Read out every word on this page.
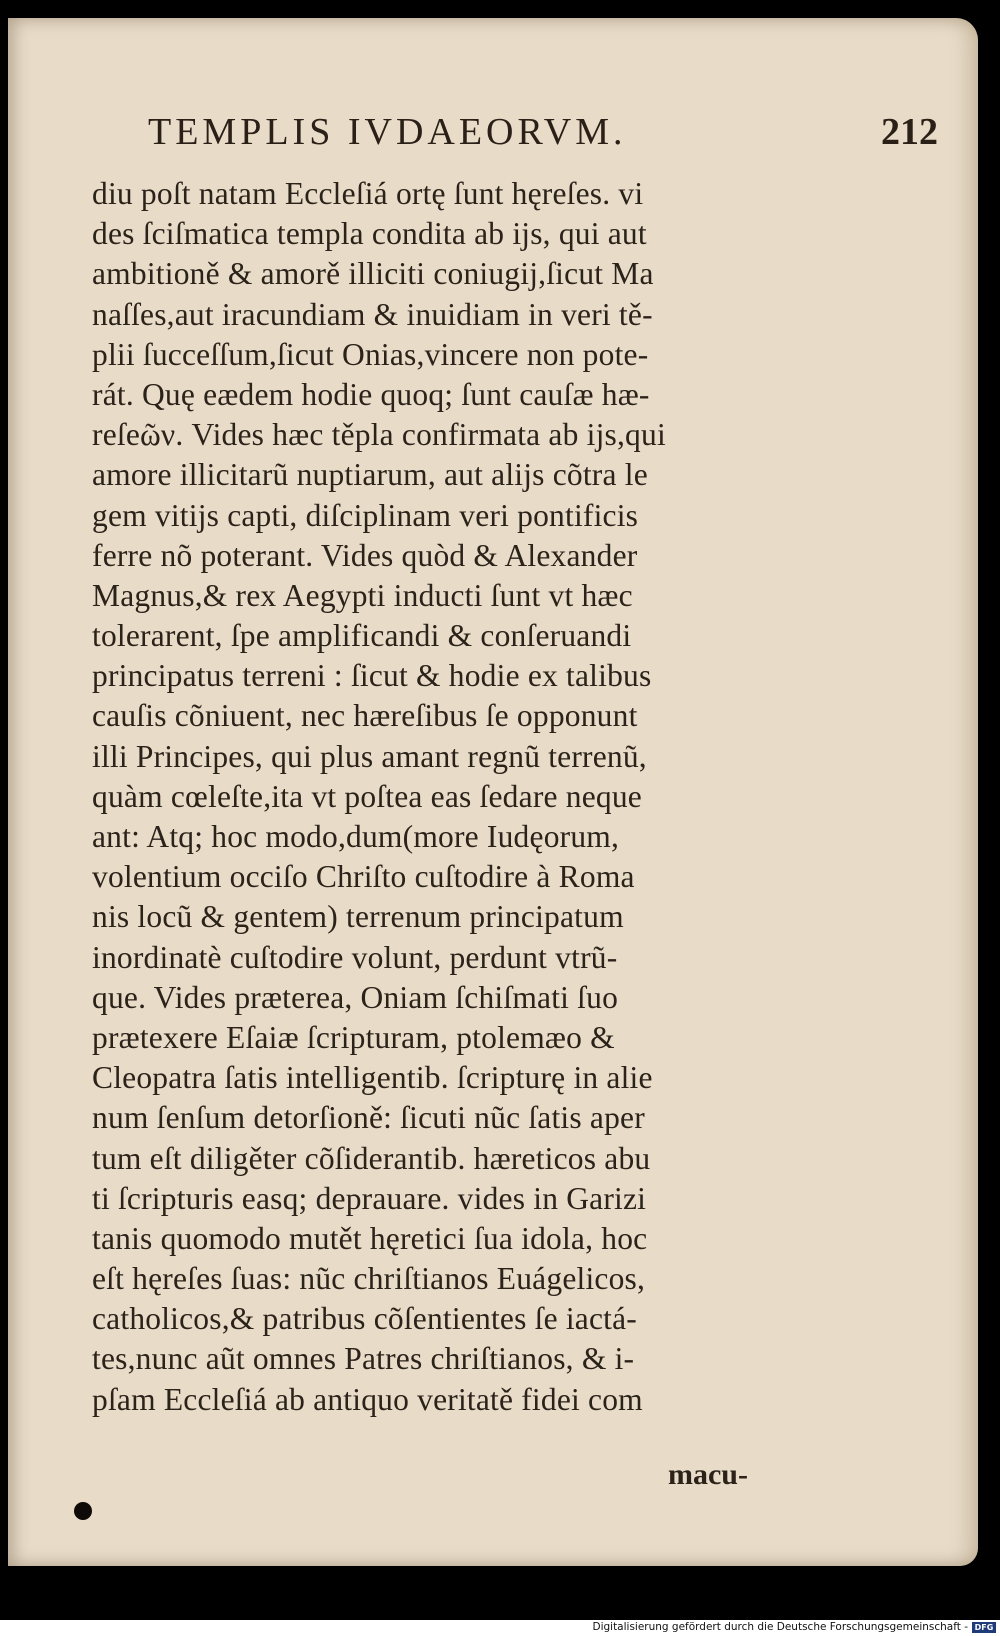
TEMPLIS IVDAEORVM.	212
diu poſt natam Eccleſiá ortę ſunt hęreſes. vi
des ſciſmatica templa condita ab ijs, qui aut
ambitioně & amorě illiciti coniugij,ſicut Ma
naſſes,aut iracundiam & inuidiam in veri tě-
plii ſucceſſum,ſicut Onias,vincere non pote-
rát. Quę eædem hodie quoq; ſunt cauſæ hæ-
reſeῶν. Vides hæc těpla confirmata ab ijs,qui
amore illicitarũ nuptiarum, aut alijs cõtra le
gem vitijs capti, diſciplinam veri pontificis
ferre nõ poterant. Vides quòd & Alexander
Magnus,& rex Aegypti inducti ſunt vt hæc
tolerarent, ſpe amplificandi & conſeruandi
principatus terreni : ſicut & hodie ex talibus
cauſis cõniuent, nec hæreſibus ſe opponunt
illi Principes, qui plus amant regnũ terrenũ,
quàm cœleſte,ita vt poſtea eas ſedare neque
ant: Atq; hoc modo,dum(more Iudęorum,
volentium occiſo Chriſto cuſtodire à Roma
nis locũ & gentem) terrenum principatum
inordinatè cuſtodire volunt, perdunt vtrũ-
que. Vides præterea, Oniam ſchiſmati ſuo
prætexere Eſaiæ ſcripturam, ptolemæo &
Cleopatra ſatis intelligentib. ſcripturę in alie
num ſenſum detorſioně: ſicuti nũc ſatis aper
tum eſt diligěter cõſiderantib. hæreticos abu
ti ſcripturis easq; deprauare. vides in Garizi
tanis quomodo mutět hęretici ſua idola, hoc
eſt hęreſes ſuas: nũc chriſtianos Euágelicos,
catholicos,& patribus cõſentientes ſe iactá-
tes,nunc aũt omnes Patres chriſtianos, & i-
pſam Eccleſiá ab antiquo veritatě fidei com
macu-
Digitalisierung gefördert durch die Deutsche Forschungsgemeinschaft - DFG
